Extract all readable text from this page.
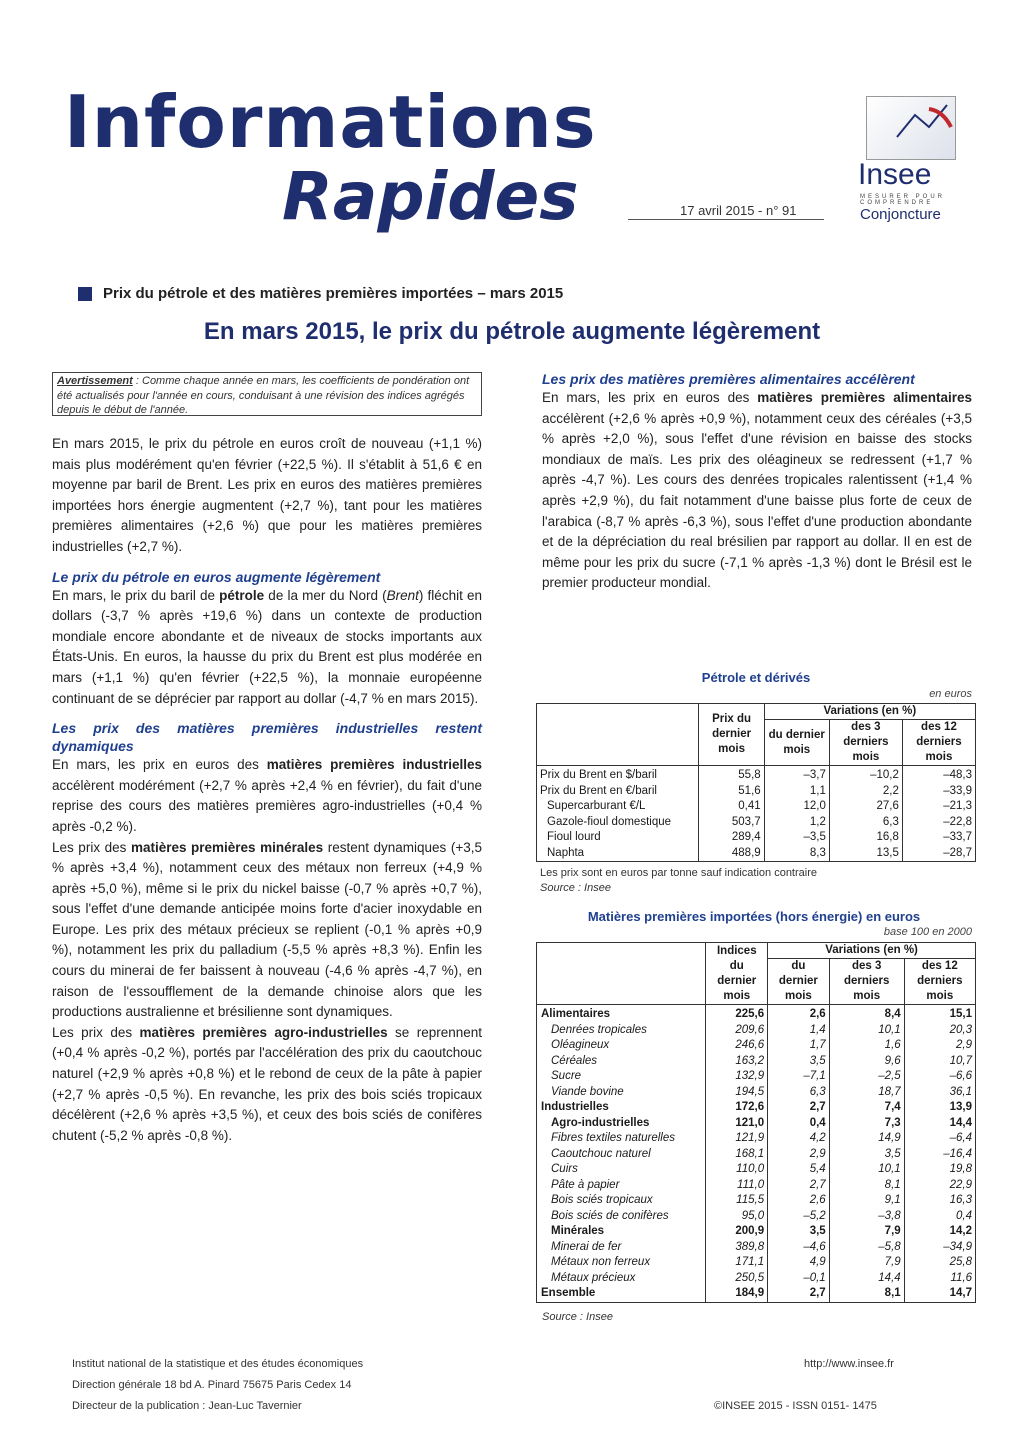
Informations
Rapides	17 avril 2015 - n° 91
Insee
MESURER POUR COMPRENDRE
Conjoncture
Prix du pétrole et des matières premières importées – mars 2015
En mars 2015, le prix du pétrole augmente légèrement
Avertissement : Comme chaque année en mars, les coefficients de pondération ont été actualisés pour l'année en cours, conduisant à une révision des indices agrégés depuis le début de l'année.

En mars 2015, le prix du pétrole en euros croît de nouveau (+1,1 %) mais plus modérément qu'en février (+22,5 %). Il s'établit à 51,6 € en moyenne par baril de Brent. Les prix en euros des matières premières importées hors énergie augmentent (+2,7 %), tant pour les matières premières alimentaires (+2,6 %) que pour les matières premières industrielles (+2,7 %).

Le prix du pétrole en euros augmente légèrement

En mars, le prix du baril de pétrole de la mer du Nord (Brent) fléchit en dollars (-3,7 % après +19,6 %) dans un contexte de production mondiale encore abondante et de niveaux de stocks importants aux États-Unis. En euros, la hausse du prix du Brent est plus modérée en mars (+1,1 %) qu'en février (+22,5 %), la monnaie européenne continuant de se déprécier par rapport au dollar (-4,7 % en mars 2015).

Les prix des matières premières industrielles restent dynamiques

En mars, les prix en euros des matières premières industrielles accélèrent modérément (+2,7 % après +2,4 % en février), du fait d'une reprise des cours des matières premières agro-industrielles (+0,4 % après -0,2 %).

Les prix des matières premières minérales restent dynamiques (+3,5 % après +3,4 %), notamment ceux des métaux non ferreux (+4,9 % après +5,0 %), même si le prix du nickel baisse (-0,7 % après +0,7 %), sous l'effet d'une demande anticipée moins forte d'acier inoxydable en Europe. Les prix des métaux précieux se replient (-0,1 % après +0,9 %), notamment les prix du palladium (-5,5 % après +8,3 %). Enfin les cours du minerai de fer baissent à nouveau (-4,6 % après -4,7 %), en raison de l'essoufflement de la demande chinoise alors que les productions australienne et brésilienne sont dynamiques.

Les prix des matières premières agro-industrielles se reprennent (+0,4 % après -0,2 %), portés par l'accélération des prix du caoutchouc naturel (+2,9 % après +0,8 %) et le rebond de ceux de la pâte à papier (+2,7 % après -0,5 %). En revanche, les prix des bois sciés tropicaux décélèrent (+2,6 % après +3,5 %), et ceux des bois sciés de conifères chutent (-5,2 % après -0,8 %).

Les prix des matières premières alimentaires accélèrent

En mars, les prix en euros des matières premières alimentaires accélèrent (+2,6 % après +0,9 %), notamment ceux des céréales (+3,5 % après +2,0 %), sous l'effet d'une révision en baisse des stocks mondiaux de maïs. Les prix des oléagineux se redressent (+1,7 % après -4,7 %). Les cours des denrées tropicales ralentissent (+1,4 % après +2,9 %), du fait notamment d'une baisse plus forte de ceux de l'arabica (-8,7 % après -6,3 %), sous l'effet d'une production abondante et de la dépréciation du real brésilien par rapport au dollar. Il en est de même pour les prix du sucre (-7,1 % après -1,3 %) dont le Brésil est le premier producteur mondial.

Pétrole et dérivés
en euros
	Prix du dernier mois	Variations (en %)		
		du dernier mois	des 3 derniers mois	des 12 derniers mois
Prix du Brent en $/baril	55,8	–3,7	–10,2	–48,3
Prix du Brent en €/baril	51,6	1,1	2,2	–33,9
Supercarburant €/L	0,41	12,0	27,6	–21,3
Gazole-fioul domestique	503,7	1,2	6,3	–22,8
Fioul lourd	289,4	–3,5	16,8	–33,7
Naphta	488,9	8,3	13,5	–28,7
Les prix sont en euros par tonne sauf indication contraire
Source : Insee
Matières premières importées (hors énergie) en euros
base 100 en 2000
	Indices du dernier mois	Variations (en %)		
		du dernier mois	des 3 derniers mois	des 12 derniers mois
Alimentaires	225,6	2,6	8,4	15,1
Denrées tropicales	209,6	1,4	10,1	20,3
Oléagineux	246,6	1,7	1,6	2,9
Céréales	163,2	3,5	9,6	10,7
Sucre	132,9	–7,1	–2,5	–6,6
Viande bovine	194,5	6,3	18,7	36,1
Industrielles	172,6	2,7	7,4	13,9
Agro-industrielles	121,0	0,4	7,3	14,4
Fibres textiles naturelles	121,9	4,2	14,9	–6,4
Caoutchouc naturel	168,1	2,9	3,5	–16,4
Cuirs	110,0	5,4	10,1	19,8
Pâte à papier	111,0	2,7	8,1	22,9
Bois sciés tropicaux	115,5	2,6	9,1	16,3
Bois sciés de conifères	95,0	–5,2	–3,8	0,4
Minérales	200,9	3,5	7,9	14,2
Minerai de fer	389,8	–4,6	–5,8	–34,9
Métaux non ferreux	171,1	4,9	7,9	25,8
Métaux précieux	250,5	–0,1	14,4	11,6
Ensemble	184,9	2,7	8,1	14,7
Source : Insee
Institut national de la statistique et des études économiques
Direction générale 18 bd A. Pinard 75675 Paris Cedex 14
Directeur de la publication : Jean-Luc Tavernier
http://www.insee.fr
©INSEE 2015 - ISSN 0151- 1475
